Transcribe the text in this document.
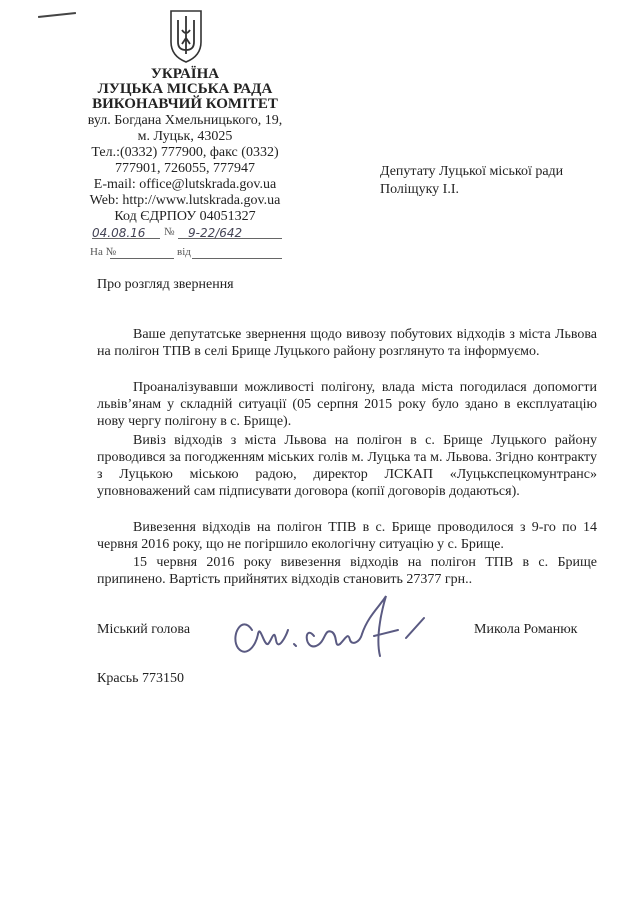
УКРАЇНА
ЛУЦЬКА МІСЬКА РАДА
ВИКОНАВЧИЙ КОМІТЕТ
вул. Богдана Хмельницького, 19,
м. Луцьк, 43025
Тел.:(0332) 777900, факс (0332)
777901, 726055, 777947
E-mail: office@lutskrada.gov.ua
Web: http://www.lutskrada.gov.ua
Код ЄДРПОУ 04051327
04.08.16	№	9-22/642
На №	від
Депутату Луцької міської ради
Поліщуку І.І.
Про розгляд звернення
Ваше депутатське звернення щодо вивозу побутових відходів з міста Львова на полігон ТПВ в селі Брище Луцького району розглянуто та інформуємо.
Проаналізувавши можливості полігону, влада міста погодилася допомогти львів’янам у складній ситуації (05 серпня 2015 року було здано в експлуатацію нову чергу полігону в с. Брище).
Вивіз відходів з міста Львова на полігон в с. Брище Луцького району проводився за погодженням міських голів м. Луцька та м. Львова. Згідно контракту з Луцькою міською радою, директор ЛСКАП «Луцькспецкомунтранс» уповноважений сам підписувати договора (копії договорів додаються).
Вивезення відходів на полігон ТПВ в с. Брище проводилося з 9-го по 14 червня 2016 року, що не погіршило екологічну ситуацію у с. Брище.
15 червня 2016 року вивезення відходів на полігон ТПВ в с. Брище припинено. Вартість прийнятих відходів становить 27377 грн..
Міський голова	Микола Романюк
Красьь 773150
